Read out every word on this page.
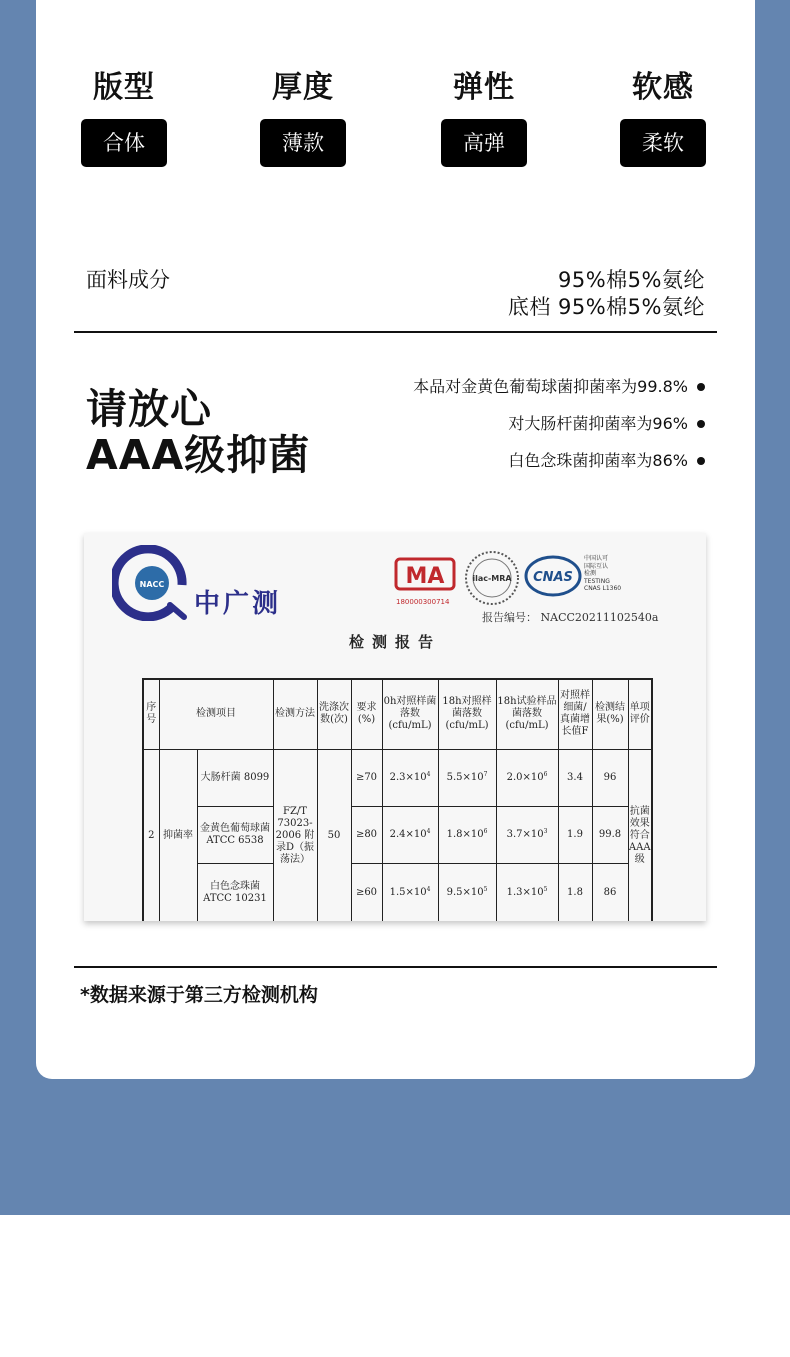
版型
合体
厚度
薄款
弹性
高弹
软感
柔软
面料成分	95%棉5%氨纶
底档 95%棉5%氨纶
请放心
AAA级抑菌
本品对金黄色葡萄球菌抑菌率为99.8%
对大肠杆菌抑菌率为96%
白色念珠菌抑菌率为86%
NACC
中广测
MA
180000300714
ilac-MRA CNAS
中国认可
国际互认
检测
TESTING
CNAS L1360
报告编号： NACC20211102540a
检测报告
序号	检测项目		检测方法	洗涤次数(次)	要求(%)	0h对照样菌落数(cfu/mL)	18h对照样菌落数(cfu/mL)	18h试验样品菌落数(cfu/mL)	对照样细菌/真菌增长值F	检测结果(%)	单项评价
2	抑菌率	大肠杆菌 8099	FZ/T 73023-2006 附录D（振荡法）	50	≥70	$2.3\times 10^4$	$5.5\times 10^7$	$2.0\times 10^6$	3.4	96	抗菌效果符合AAA级
		金黄色葡萄球菌 ATCC 6538			≥80	$2.4\times 10^4$	$1.8\times 10^6$	$3.7\times 10^3$	1.9	99.8	
		白色念珠菌 ATCC 10231			≥60	$1.5\times 10^4$	$9.5\times 10^5$	$1.3\times 10^5$	1.8	86	
*数据来源于第三方检测机构
